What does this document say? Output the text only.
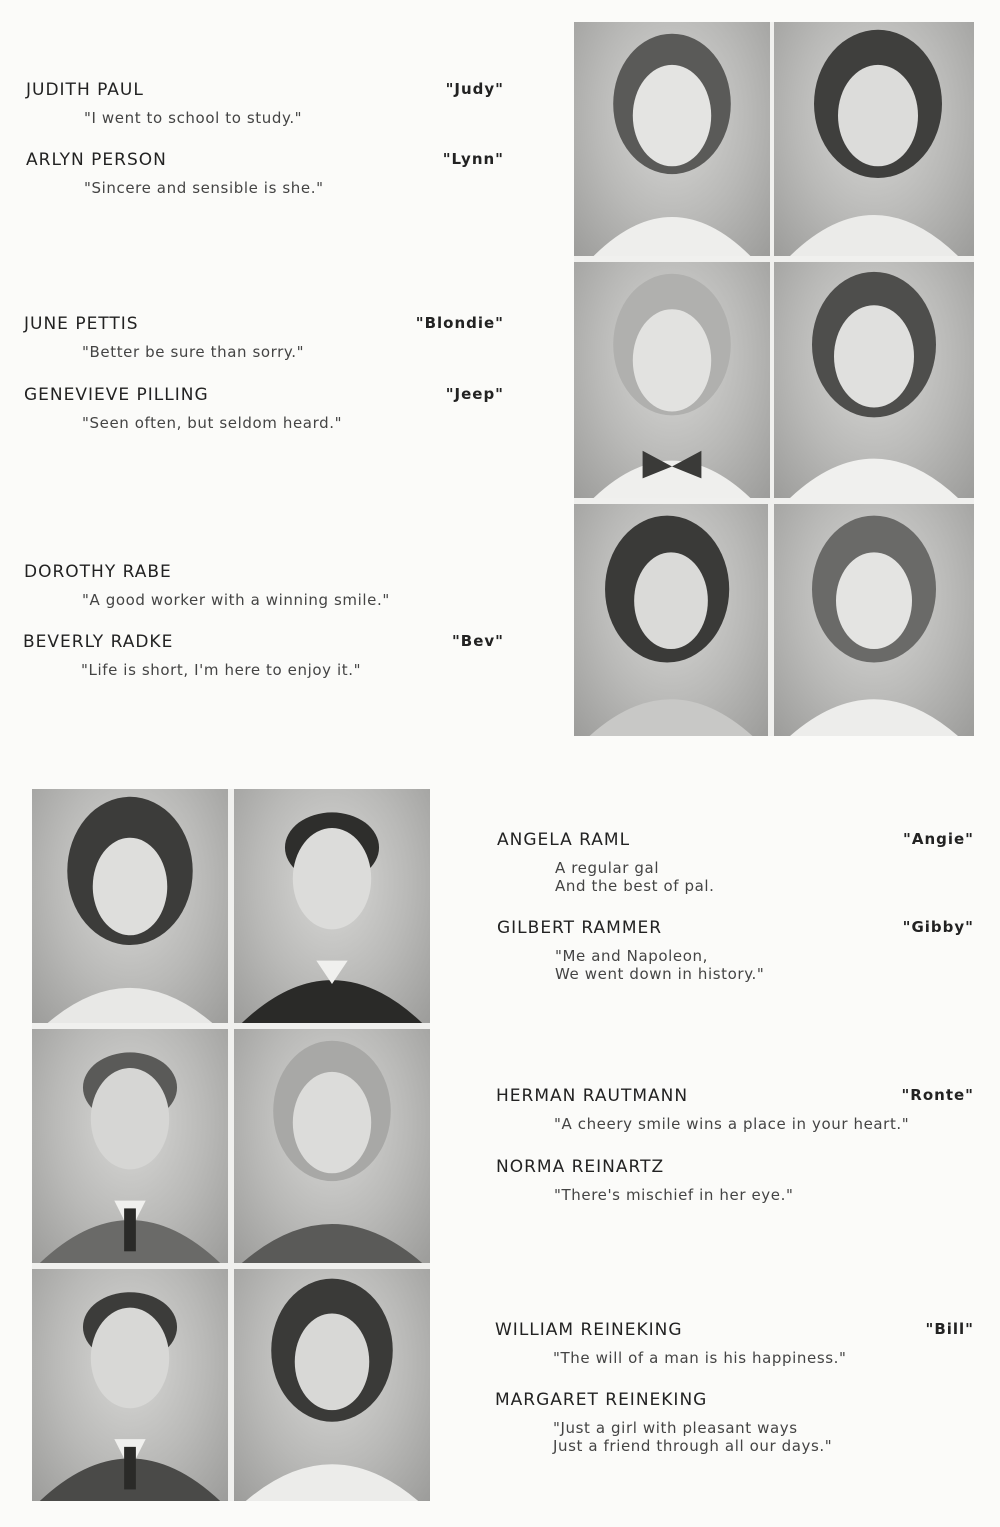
JUDITH PAUL	"Judy"
"I went to school to study."
ARLYN PERSON	"Lynn"
"Sincere and sensible is she."
JUNE PETTIS	"Blondie"
"Better be sure than sorry."
GENEVIEVE PILLING	"Jeep"
"Seen often, but seldom heard."
DOROTHY RABE
"A good worker with a winning smile."
BEVERLY RADKE	"Bev"
"Life is short, I'm here to enjoy it."
ANGELA RAML	"Angie"
A regular gal
And the best of pal.
GILBERT RAMMER	"Gibby"
"Me and Napoleon,
We went down in history."
HERMAN RAUTMANN	"Ronte"
"A cheery smile wins a place in your heart."
NORMA REINARTZ
"There's mischief in her eye."
WILLIAM REINEKING	"Bill"
"The will of a man is his happiness."
MARGARET REINEKING
"Just a girl with pleasant ways
Just a friend through all our days."
